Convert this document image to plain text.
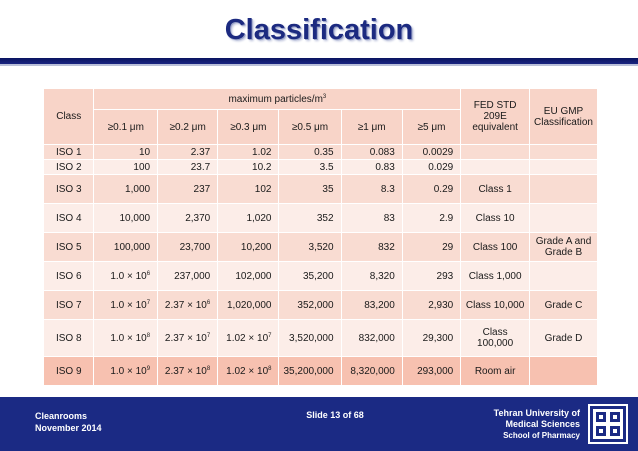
Classification
Class	maximum particles/$m^3$						FED STD 209E equivalent	EU GMP Classification
	≥0.1 μm	≥0.2 μm	≥0.3 μm	≥0.5 μm	≥1 μm	≥5 μm		
ISO 1	10	2.37	1.02	0.35	0.083	0.0029		
ISO 2	100	23.7	10.2	3.5	0.83	0.029		
ISO 3	1,000	237	102	35	8.3	0.29	Class 1	
ISO 4	10,000	2,370	1,020	352	83	2.9	Class 10	
ISO 5	100,000	23,700	10,200	3,520	832	29	Class 100	Grade A and Grade B
ISO 6	$1.0 \times 10^6$	237,000	102,000	35,200	8,320	293	Class 1,000	
ISO 7	$1.0 \times 10^7$	$2.37 \times 10^6$	1,020,000	352,000	83,200	2,930	Class 10,000	Grade C
ISO 8	$1.0 \times 10^8$	$2.37 \times 10^7$	$1.02 \times 10^7$	3,520,000	832,000	29,300	Class 100,000	Grade D
ISO 9	$1.0 \times 10^9$	$2.37 \times 10^8$	$1.02 \times 10^8$	35,200,000	8,320,000	293,000	Room air	
Cleanrooms
November 2014
Slide 13 of 68	Tehran University of
Medical Sciences
School of Pharmacy
